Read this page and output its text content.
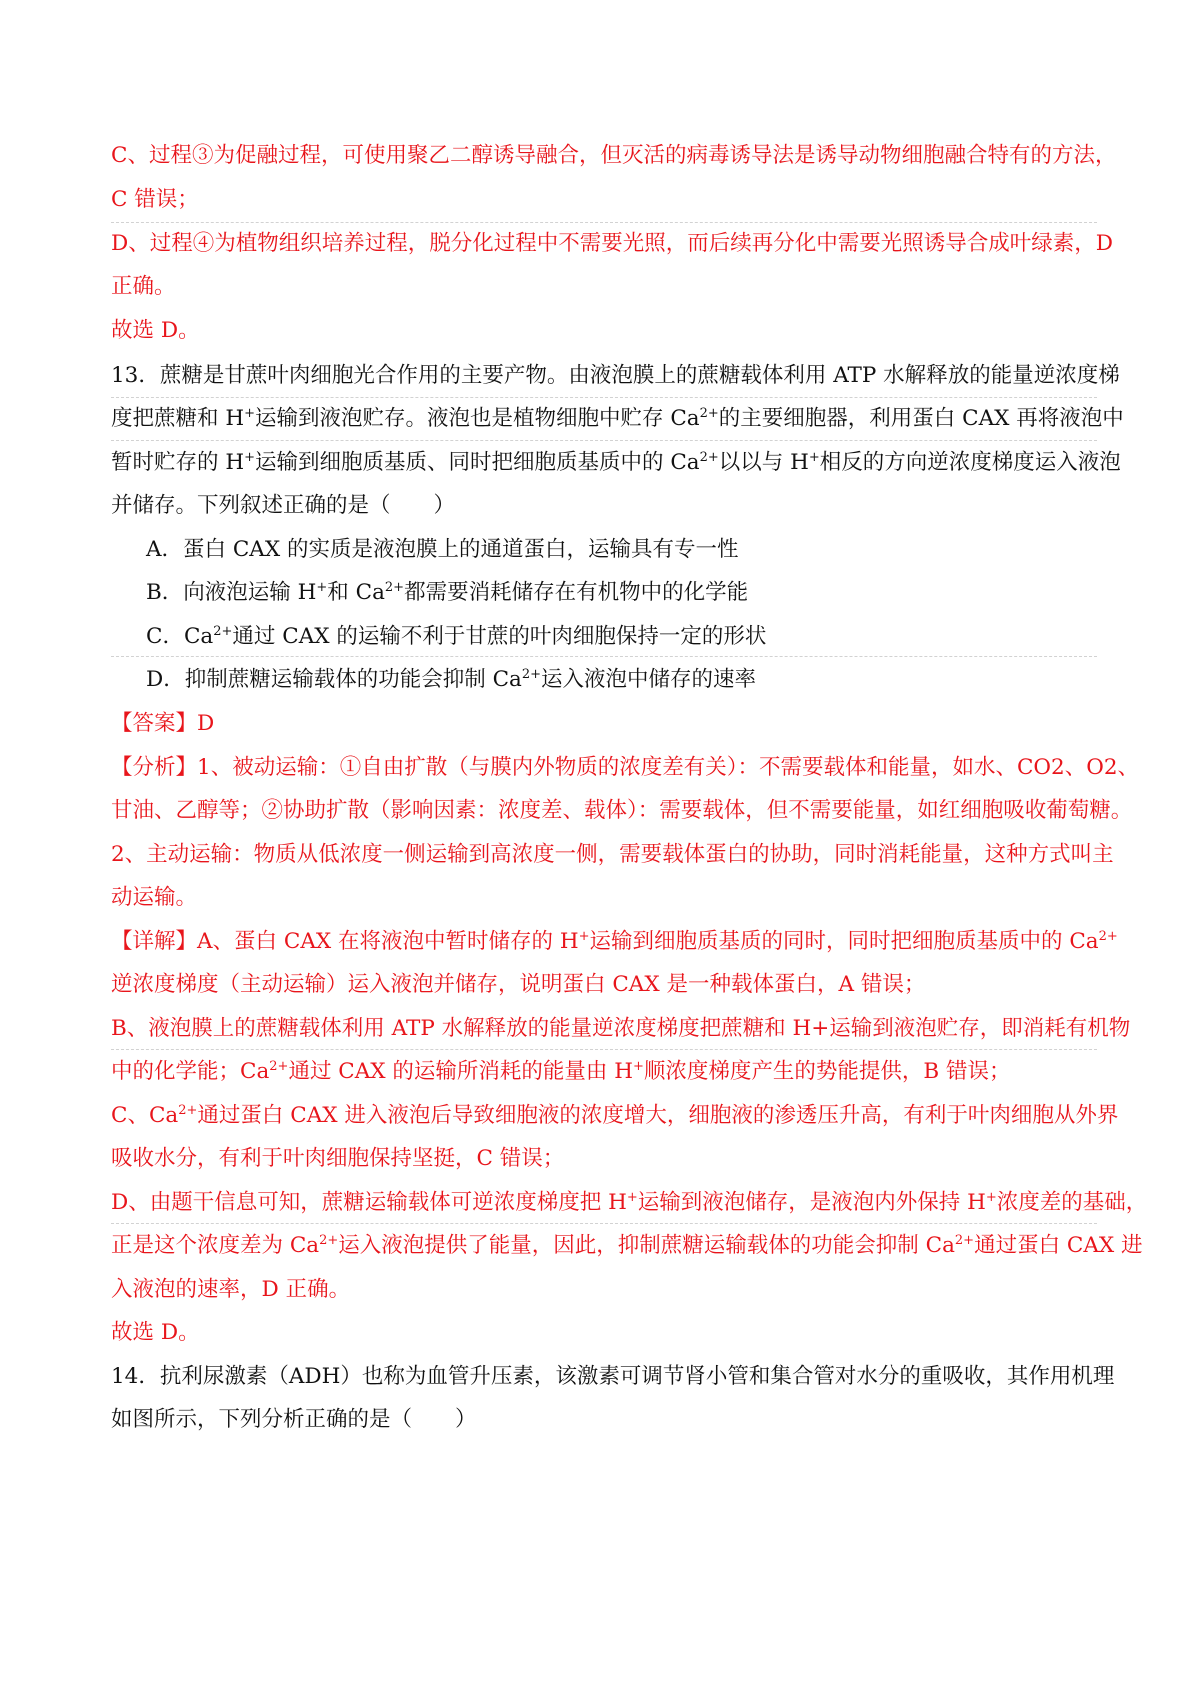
C、过程③为促融过程，可使用聚乙二醇诱导融合，但灭活的病毒诱导法是诱导动物细胞融合特有的方法，
C 错误；
D、过程④为植物组织培养过程，脱分化过程中不需要光照，而后续再分化中需要光照诱导合成叶绿素，D
正确。
故选 D。
13．蔗糖是甘蔗叶肉细胞光合作用的主要产物。由液泡膜上的蔗糖载体利用 ATP 水解释放的能量逆浓度梯
度把蔗糖和 H+运输到液泡贮存。液泡也是植物细胞中贮存 $Ca^{2+}$的主要细胞器，利用蛋白 CAX 再将液泡中
暂时贮存的 H+运输到细胞质基质、同时把细胞质基质中的 $Ca^{2+}$以以与 H+相反的方向逆浓度梯度运入液泡
并储存。下列叙述正确的是（　　）
A．蛋白 CAX 的实质是液泡膜上的通道蛋白，运输具有专一性
B．向液泡运输 H+和 $Ca^{2+}$都需要消耗储存在有机物中的化学能
C．$Ca^{2+}$通过 CAX 的运输不利于甘蔗的叶肉细胞保持一定的形状
D．抑制蔗糖运输载体的功能会抑制 $Ca^{2+}$运入液泡中储存的速率
【答案】D
【分析】1、被动运输：①自由扩散（与膜内外物质的浓度差有关）：不需要载体和能量，如水、CO2、O2、
甘油、乙醇等；②协助扩散（影响因素：浓度差、载体）：需要载体，但不需要能量，如红细胞吸收葡萄糖。
2、主动运输：物质从低浓度一侧运输到高浓度一侧，需要载体蛋白的协助，同时消耗能量，这种方式叫主
动运输。
【详解】A、蛋白 CAX 在将液泡中暂时储存的 H+运输到细胞质基质的同时，同时把细胞质基质中的 $Ca^{2+}$
逆浓度梯度（主动运输）运入液泡并储存，说明蛋白 CAX 是一种载体蛋白，A 错误；
B、液泡膜上的蔗糖载体利用 ATP 水解释放的能量逆浓度梯度把蔗糖和 H+运输到液泡贮存，即消耗有机物
中的化学能；$Ca^{2+}$通过 CAX 的运输所消耗的能量由 H+顺浓度梯度产生的势能提供，B 错误；
C、$Ca^{2+}$通过蛋白 CAX 进入液泡后导致细胞液的浓度增大，细胞液的渗透压升高，有利于叶肉细胞从外界
吸收水分，有利于叶肉细胞保持坚挺，C 错误；
D、由题干信息可知，蔗糖运输载体可逆浓度梯度把 H+运输到液泡储存，是液泡内外保持 H+浓度差的基础，
正是这个浓度差为 $Ca^{2+}$运入液泡提供了能量，因此，抑制蔗糖运输载体的功能会抑制 $Ca^{2+}$通过蛋白 CAX 进
入液泡的速率，D 正确。
故选 D。
14．抗利尿激素（ADH）也称为血管升压素，该激素可调节肾小管和集合管对水分的重吸收，其作用机理
如图所示，下列分析正确的是（　　）
